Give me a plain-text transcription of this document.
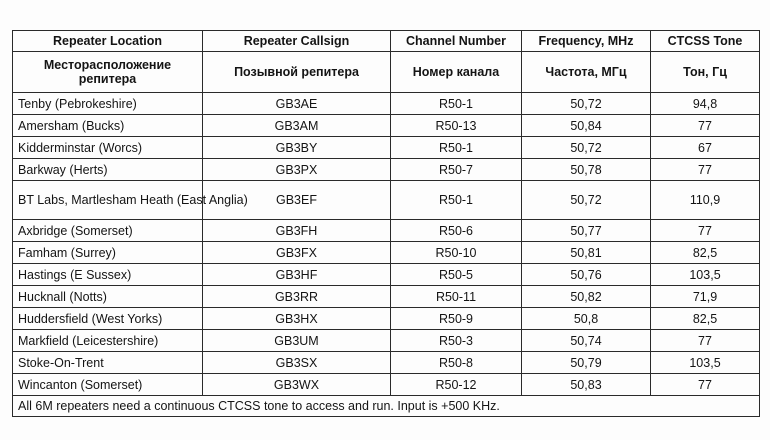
Repeater Location	Repeater Callsign	Channel Number	Frequency, MHz	CTCSS Tone
Месторасположение репитера	Позывной репитера	Номер канала	Частота, МГц	Тон, Гц
Tenby (Pebrokeshire)	GB3AE	R50-1	50,72	94,8
Amersham (Bucks)	GB3AM	R50-13	50,84	77
Kidderminstar (Worcs)	GB3BY	R50-1	50,72	67
Barkway (Herts)	GB3PX	R50-7	50,78	77
BT Labs, Martlesham Heath (East Anglia)	GB3EF	R50-1	50,72	110,9
Axbridge (Somerset)	GB3FH	R50-6	50,77	77
Famham (Surrey)	GB3FX	R50-10	50,81	82,5
Hastings (E Sussex)	GB3HF	R50-5	50,76	103,5
Hucknall (Notts)	GB3RR	R50-11	50,82	71,9
Huddersfield (West Yorks)	GB3HX	R50-9	50,8	82,5
Markfield (Leicestershire)	GB3UM	R50-3	50,74	77
Stoke-On-Trent	GB3SX	R50-8	50,79	103,5
Wincanton (Somerset)	GB3WX	R50-12	50,83	77
All 6M repeaters need a continuous CTCSS tone to access and run. Input is +500 KHz.				
